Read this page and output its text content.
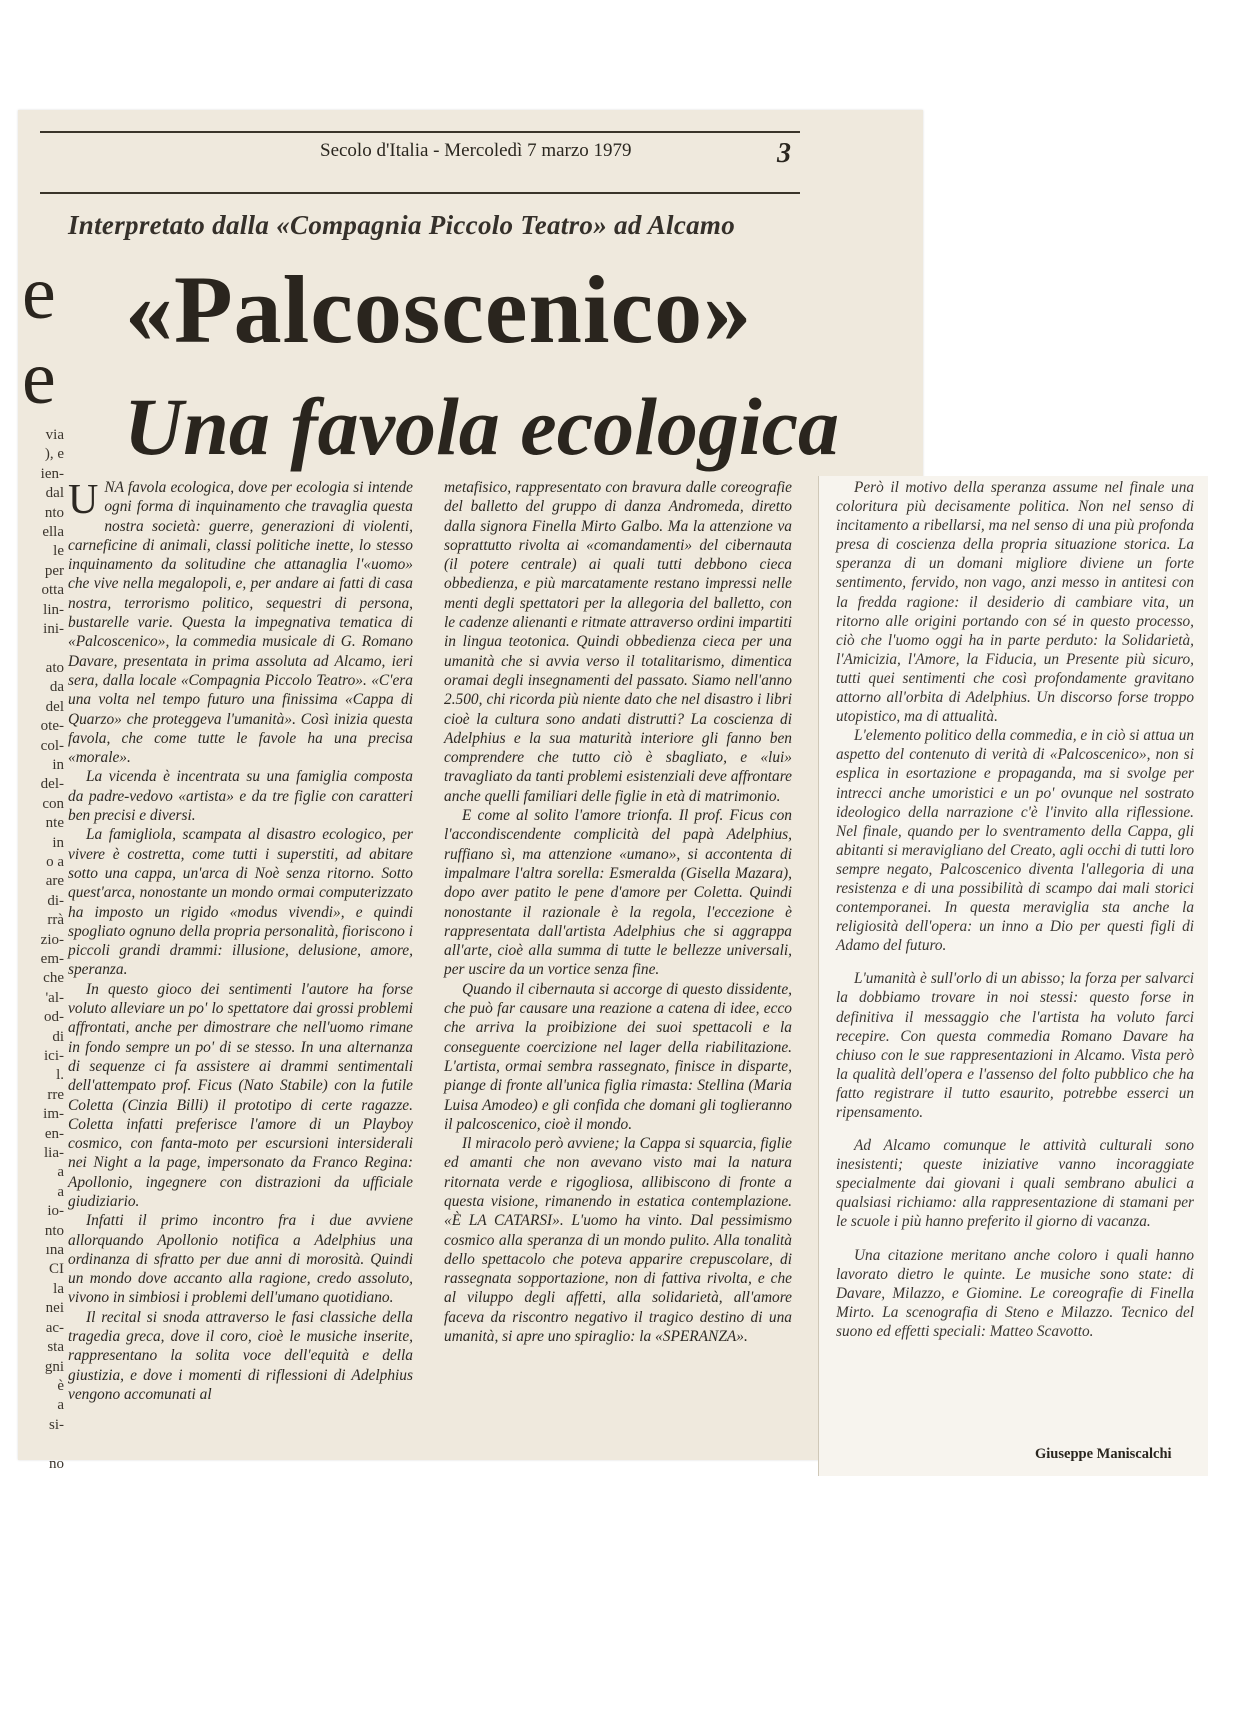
Secolo d'Italia - Mercoledì 7 marzo 1979	3
Interpretato dalla «Compagnia Piccolo Teatro» ad Alcamo
«Palcoscenico»
Una favola ecologica
e
e
via
), e
ien-
dal
nto
ella
le
per
otta
lin-
ini-

ato
da
del
ote-
col-
in
del-
con
nte
in
o a
are
di-
rrà
zio-
em-
che
'al-
od-
di
ici-
l.
rre
im-
en-
lia-
a
a
io-
nto
ına
CI
la
nei
ac-
sta
gni
è
a
si-

no

UNA favola ecologica, dove per ecologia si intende ogni forma di inquinamento che travaglia questa nostra società: guerre, generazioni di violenti, carneficine di animali, classi politiche inette, lo stesso inquinamento da solitudine che attanaglia l'«uomo» che vive nella megalopoli, e, per andare ai fatti di casa nostra, terrorismo politico, sequestri di persona, bustarelle varie. Questa la impegnativa tematica di «Palcoscenico», la commedia musicale di G. Romano Davare, presentata in prima assoluta ad Alcamo, ieri sera, dalla locale «Compagnia Piccolo Teatro». «C'era una volta nel tempo futuro una finissima «Cappa di Quarzo» che proteggeva l'umanità». Così inizia questa favola, che come tutte le favole ha una precisa «morale».

La vicenda è incentrata su una famiglia composta da padre-vedovo «artista» e da tre figlie con caratteri ben precisi e diversi.

La famigliola, scampata al disastro ecologico, per vivere è costretta, come tutti i superstiti, ad abitare sotto una cappa, un'arca di Noè senza ritorno. Sotto quest'arca, nonostante un mondo ormai computerizzato ha imposto un rigido «modus vivendi», e quindi spogliato ognuno della propria personalità, fioriscono i piccoli grandi drammi: illusione, delusione, amore, speranza.

In questo gioco dei sentimenti l'autore ha forse voluto alleviare un po' lo spettatore dai grossi problemi affrontati, anche per dimostrare che nell'uomo rimane in fondo sempre un po' di se stesso. In una alternanza di sequenze ci fa assistere ai drammi sentimentali dell'attempato prof. Ficus (Nato Stabile) con la futile Coletta (Cinzia Billi) il prototipo di certe ragazze. Coletta infatti preferisce l'amore di un Playboy cosmico, con fanta-moto per escursioni intersiderali nei Night a la page, impersonato da Franco Regina: Apollonio, ingegnere con distrazioni da ufficiale giudiziario.

Infatti il primo incontro fra i due avviene allorquando Apollonio notifica a Adelphius una ordinanza di sfratto per due anni di morosità. Quindi un mondo dove accanto alla ragione, credo assoluto, vivono in simbiosi i problemi dell'umano quotidiano.

Il recital si snoda attraverso le fasi classiche della tragedia greca, dove il coro, cioè le musiche inserite, rappresentano la solita voce dell'equità e della giustizia, e dove i momenti di riflessioni di Adelphius vengono accomunati al

metafisico, rappresentato con bravura dalle coreografie del balletto del gruppo di danza Andromeda, diretto dalla signora Finella Mirto Galbo. Ma la attenzione va soprattutto rivolta ai «comandamenti» del cibernauta (il potere centrale) ai quali tutti debbono cieca obbedienza, e più marcatamente restano impressi nelle menti degli spettatori per la allegoria del balletto, con le cadenze alienanti e ritmate attraverso ordini impartiti in lingua teotonica. Quindi obbedienza cieca per una umanità che si avvia verso il totalitarismo, dimentica oramai degli insegnamenti del passato. Siamo nell'anno 2.500, chi ricorda più niente dato che nel disastro i libri cioè la cultura sono andati distrutti? La coscienza di Adelphius e la sua maturità interiore gli fanno ben comprendere che tutto ciò è sbagliato, e «lui» travagliato da tanti problemi esistenziali deve affrontare anche quelli familiari delle figlie in età di matrimonio.

E come al solito l'amore trionfa. Il prof. Ficus con l'accondiscendente complicità del papà Adelphius, ruffiano sì, ma attenzione «umano», si accontenta di impalmare l'altra sorella: Esmeralda (Gisella Mazara), dopo aver patito le pene d'amore per Coletta. Quindi nonostante il razionale è la regola, l'eccezione è rappresentata dall'artista Adelphius che si aggrappa all'arte, cioè alla summa di tutte le bellezze universali, per uscire da un vortice senza fine.

Quando il cibernauta si accorge di questo dissidente, che può far causare una reazione a catena di idee, ecco che arriva la proibizione dei suoi spettacoli e la conseguente coercizione nel lager della riabilitazione. L'artista, ormai sembra rassegnato, finisce in disparte, piange di fronte all'unica figlia rimasta: Stellina (Maria Luisa Amodeo) e gli confida che domani gli toglieranno il palcoscenico, cioè il mondo.

Il miracolo però avviene; la Cappa si squarcia, figlie ed amanti che non avevano visto mai la natura ritornata verde e rigogliosa, allibiscono di fronte a questa visione, rimanendo in estatica contemplazione. «È LA CATARSI». L'uomo ha vinto. Dal pessimismo cosmico alla speranza di un mondo pulito. Alla tonalità dello spettacolo che poteva apparire crepuscolare, di rassegnata sopportazione, non di fattiva rivolta, e che al viluppo degli affetti, alla solidarietà, all'amore faceva da riscontro negativo il tragico destino di una umanità, si apre uno spiraglio: la «SPERANZA».

Però il motivo della speranza assume nel finale una coloritura più decisamente politica. Non nel senso di incitamento a ribellarsi, ma nel senso di una più profonda presa di coscienza della propria situazione storica. La speranza di un domani migliore diviene un forte sentimento, fervido, non vago, anzi messo in antitesi con la fredda ragione: il desiderio di cambiare vita, un ritorno alle origini portando con sé in questo processo, ciò che l'uomo oggi ha in parte perduto: la Solidarietà, l'Amicizia, l'Amore, la Fiducia, un Presente più sicuro, tutti quei sentimenti che così profondamente gravitano attorno all'orbita di Adelphius. Un discorso forse troppo utopistico, ma di attualità.

L'elemento politico della commedia, e in ciò si attua un aspetto del contenuto di verità di «Palcoscenico», non si esplica in esortazione e propaganda, ma si svolge per intrecci anche umoristici e un po' ovunque nel sostrato ideologico della narrazione c'è l'invito alla riflessione. Nel finale, quando per lo sventramento della Cappa, gli abitanti si meravigliano del Creato, agli occhi di tutti loro sempre negato, Palcoscenico diventa l'allegoria di una resistenza e di una possibilità di scampo dai mali storici contemporanei. In questa meraviglia sta anche la religiosità dell'opera: un inno a Dio per questi figli di Adamo del futuro.

L'umanità è sull'orlo di un abisso; la forza per salvarci la dobbiamo trovare in noi stessi: questo forse in definitiva il messaggio che l'artista ha voluto farci recepire. Con questa commedia Romano Davare ha chiuso con le sue rappresentazioni in Alcamo. Vista però la qualità dell'opera e l'assenso del folto pubblico che ha fatto registrare il tutto esaurito, potrebbe esserci un ripensamento.

Ad Alcamo comunque le attività culturali sono inesistenti; queste iniziative vanno incoraggiate specialmente dai giovani i quali sembrano abulici a qualsiasi richiamo: alla rappresentazione di stamani per le scuole i più hanno preferito il giorno di vacanza.

Una citazione meritano anche coloro i quali hanno lavorato dietro le quinte. Le musiche sono state: di Davare, Milazzo, e Giomine. Le coreografie di Finella Mirto. La scenografia di Steno e Milazzo. Tecnico del suono ed effetti speciali: Matteo Scavotto.

Giuseppe Maniscalchi
